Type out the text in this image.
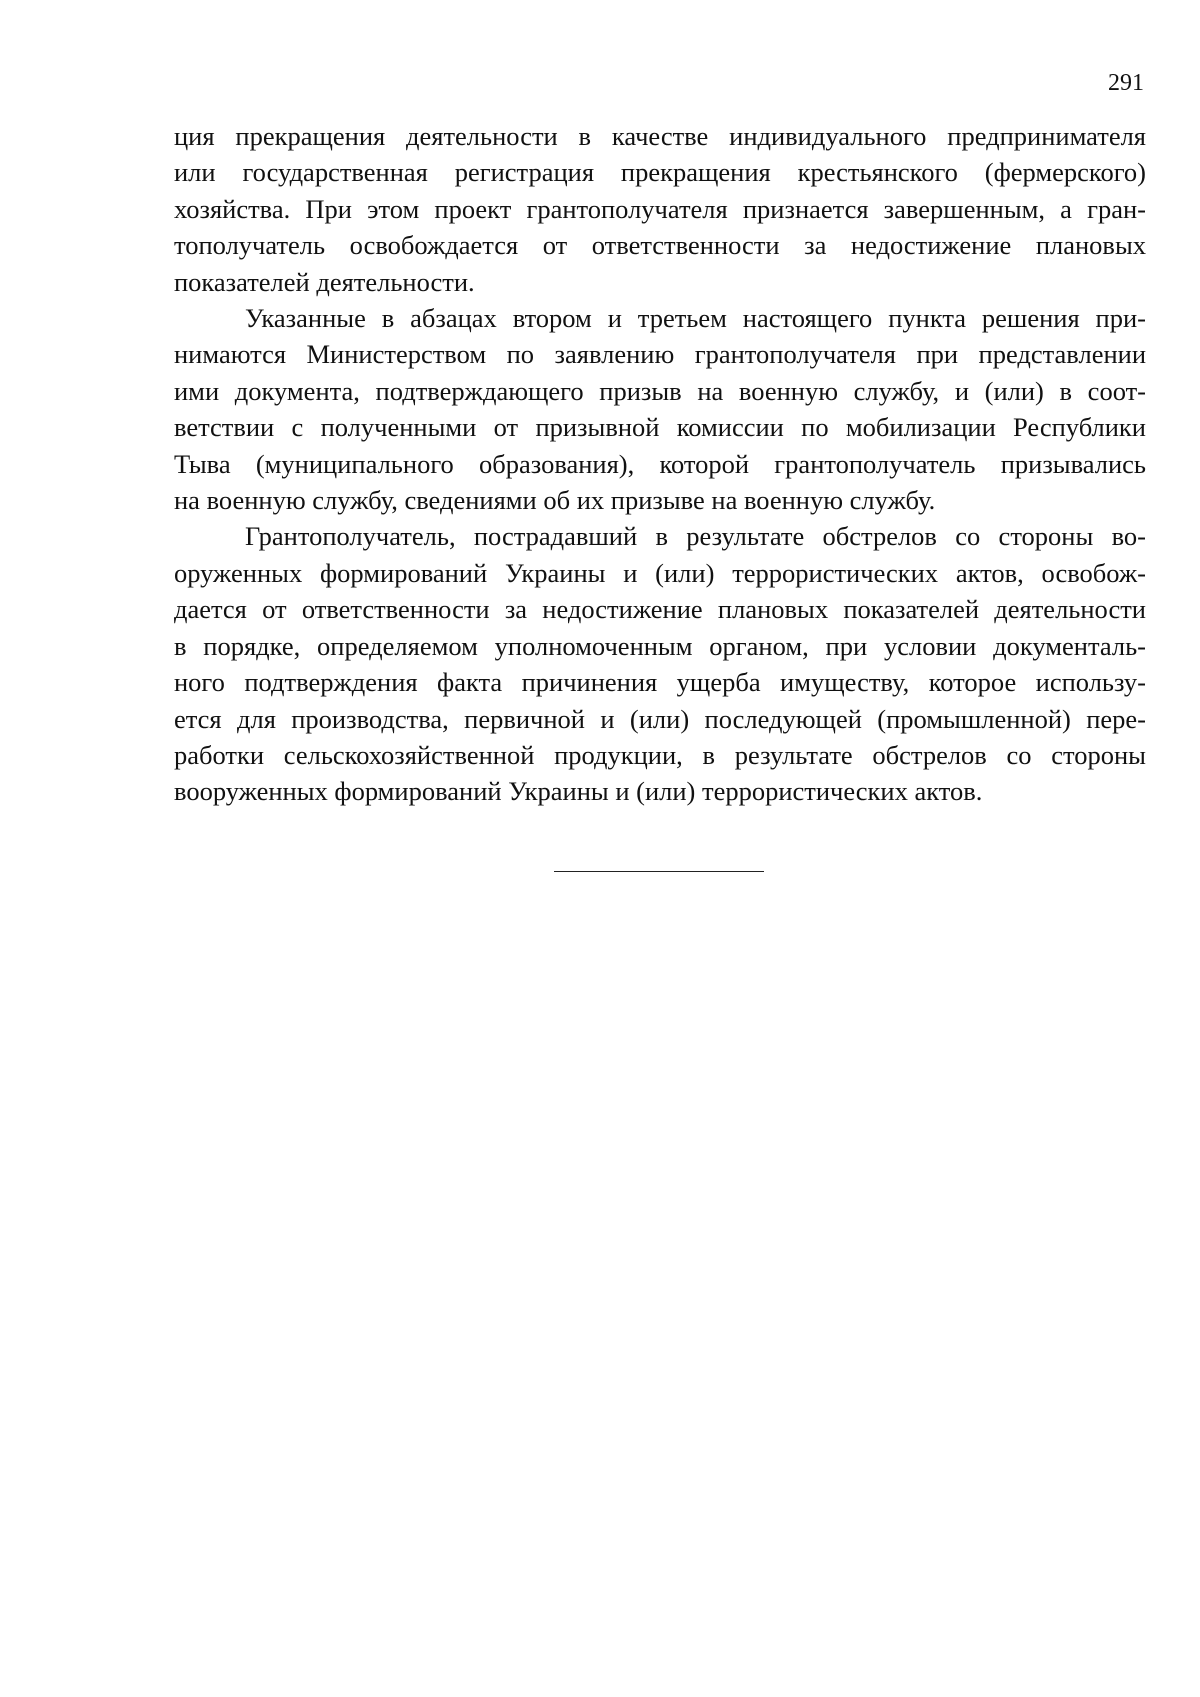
291
ция прекращения деятельности в качестве индивидуального предпринимателя
или государственная регистрация прекращения крестьянского (фермерского)
хозяйства. При этом проект грантополучателя признается завершенным, а гран-
тополучатель освобождается от ответственности за недостижение плановых
показателей деятельности.
Указанные в абзацах втором и третьем настоящего пункта решения при-
нимаются Министерством по заявлению грантополучателя при представлении
ими документа, подтверждающего призыв на военную службу, и (или) в соот-
ветствии с полученными от призывной комиссии по мобилизации Республики
Тыва (муниципального образования), которой грантополучатель призывались
на военную службу, сведениями об их призыве на военную службу.
Грантополучатель, пострадавший в результате обстрелов со стороны во-
оруженных формирований Украины и (или) террористических актов, освобож-
дается от ответственности за недостижение плановых показателей деятельности
в порядке, определяемом уполномоченным органом, при условии документаль-
ного подтверждения факта причинения ущерба имуществу, которое использу-
ется для производства, первичной и (или) последующей (промышленной) пере-
работки сельскохозяйственной продукции, в результате обстрелов со стороны
вооруженных формирований Украины и (или) террористических актов.
